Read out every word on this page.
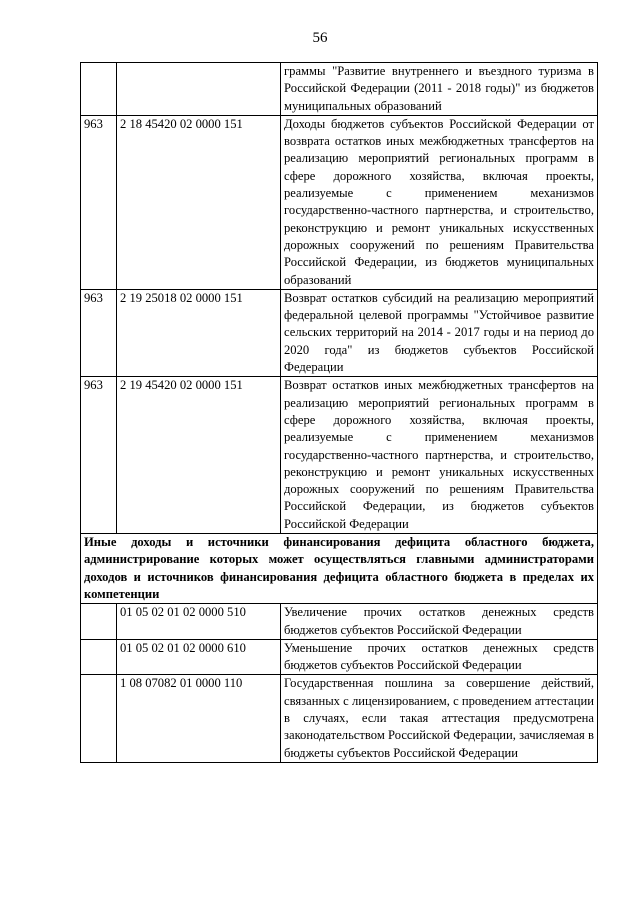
56
		граммы "Развитие внутреннего и въездного туризма в Российской Федерации (2011 - 2018 годы)" из бюджетов муниципальных образований
963	2 18 45420 02 0000 151	Доходы бюджетов субъектов Российской Федерации от возврата остатков иных межбюджетных трансфертов на реализацию мероприятий региональных программ в сфере дорожного хозяйства, включая проекты, реализуемые с применением механизмов государственно-частного партнерства, и строительство, реконструкцию и ремонт уникальных искусственных дорожных сооружений по решениям Правительства Российской Федерации, из бюджетов муниципальных образований
963	2 19 25018 02 0000 151	Возврат остатков субсидий на реализацию мероприятий федеральной целевой программы "Устойчивое развитие сельских территорий на 2014 - 2017 годы и на период до 2020 года" из бюджетов субъектов Российской Федерации
963	2 19 45420 02 0000 151	Возврат остатков иных межбюджетных трансфертов на реализацию мероприятий региональных программ в сфере дорожного хозяйства, включая проекты, реализуемые с применением механизмов государственно-частного партнерства, и строительство, реконструкцию и ремонт уникальных искусственных дорожных сооружений по решениям Правительства Российской Федерации, из бюджетов субъектов Российской Федерации
Иные доходы и источники финансирования дефицита областного бюджета, администрирование которых может осуществляться главными администраторами доходов и источников финансирования дефицита областного бюджета в пределах их компетенции		
	01 05 02 01 02 0000 510	Увеличение прочих остатков денежных средств бюджетов субъектов Российской Федерации
	01 05 02 01 02 0000 610	Уменьшение прочих остатков денежных средств бюджетов субъектов Российской Федерации
	1 08 07082 01 0000 110	Государственная пошлина за совершение действий, связанных с лицензированием, с проведением аттестации в случаях, если такая аттестация предусмотрена законодательством Российской Федерации, зачисляемая в бюджеты субъектов Российской Федерации
